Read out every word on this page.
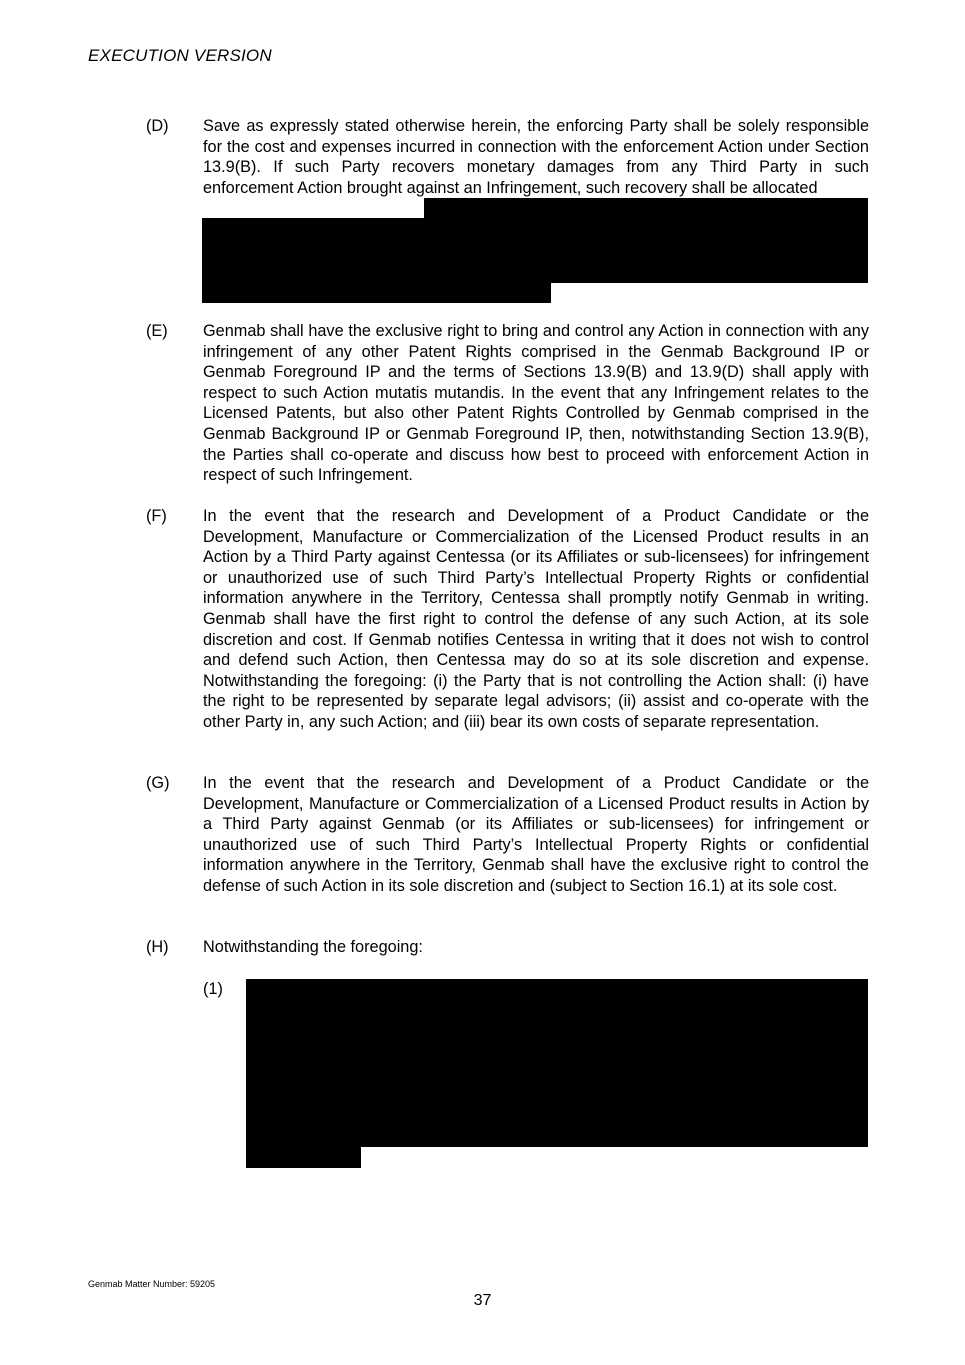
EXECUTION VERSION
(D) Save as expressly stated otherwise herein, the enforcing Party shall be solely responsible for the cost and expenses incurred in connection with the enforcement Action under Section 13.9(B). If such Party recovers monetary damages from any Third Party in such enforcement Action brought against an Infringement, such recovery shall be allocated
(E) Genmab shall have the exclusive right to bring and control any Action in connection with any infringement of any other Patent Rights comprised in the Genmab Background IP or Genmab Foreground IP and the terms of Sections 13.9(B) and 13.9(D) shall apply with respect to such Action mutatis mutandis. In the event that any Infringement relates to the Licensed Patents, but also other Patent Rights Controlled by Genmab comprised in the Genmab Background IP or Genmab Foreground IP, then, notwithstanding Section 13.9(B), the Parties shall co-operate and discuss how best to proceed with enforcement Action in respect of such Infringement.
(F) In the event that the research and Development of a Product Candidate or the Development, Manufacture or Commercialization of the Licensed Product results in an Action by a Third Party against Centessa (or its Affiliates or sub-licensees) for infringement or unauthorized use of such Third Party’s Intellectual Property Rights or confidential information anywhere in the Territory, Centessa shall promptly notify Genmab in writing. Genmab shall have the first right to control the defense of any such Action, at its sole discretion and cost. If Genmab notifies Centessa in writing that it does not wish to control and defend such Action, then Centessa may do so at its sole discretion and expense. Notwithstanding the foregoing: (i) the Party that is not controlling the Action shall: (i) have the right to be represented by separate legal advisors; (ii) assist and co-operate with the other Party in, any such Action; and (iii) bear its own costs of separate representation.
(G) In the event that the research and Development of a Product Candidate or the Development, Manufacture or Commercialization of a Licensed Product results in Action by a Third Party against Genmab (or its Affiliates or sub-licensees) for infringement or unauthorized use of such Third Party’s Intellectual Property Rights or confidential information anywhere in the Territory, Genmab shall have the exclusive right to control the defense of such Action in its sole discretion and (subject to Section 16.1) at its sole cost.
(H) Notwithstanding the foregoing:
(1)
Genmab Matter Number: 59205
37
